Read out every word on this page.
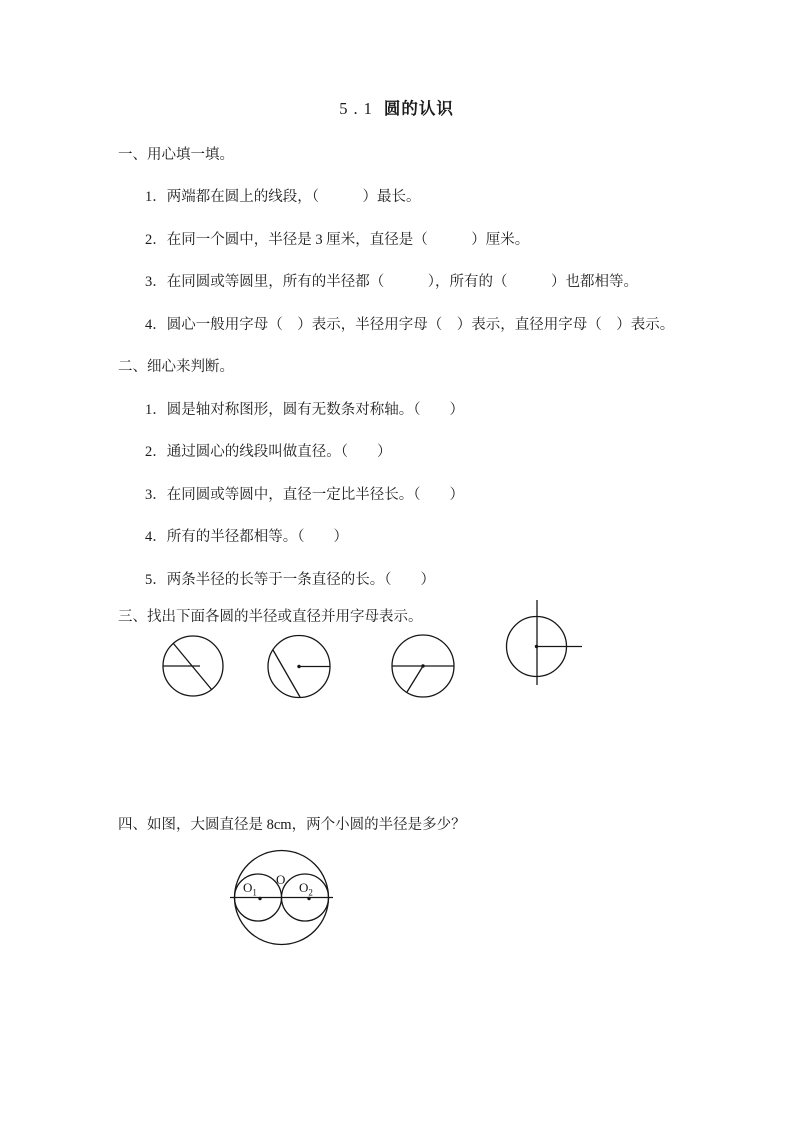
5.1 圆的认识
一、用心填一填。
1．两端都在圆上的线段，（　　　）最长。
2．在同一个圆中，半径是 3 厘米，直径是（　　　）厘米。
3．在同圆或等圆里，所有的半径都（　　　），所有的（　　　）也都相等。
4．圆心一般用字母（　）表示，半径用字母（　）表示，直径用字母（　）表示。
二、细心来判断。
1．圆是轴对称图形，圆有无数条对称轴。（　　）
2．通过圆心的线段叫做直径。（　　）
3．在同圆或等圆中，直径一定比半径长。（　　）
4．所有的半径都相等。（　　）
5．两条半径的长等于一条直径的长。（　　）
三、找出下面各圆的半径或直径并用字母表示。
四、如图，大圆直径是 8cm，两个小圆的半径是多少？
$O_1$
O
$O_2$
